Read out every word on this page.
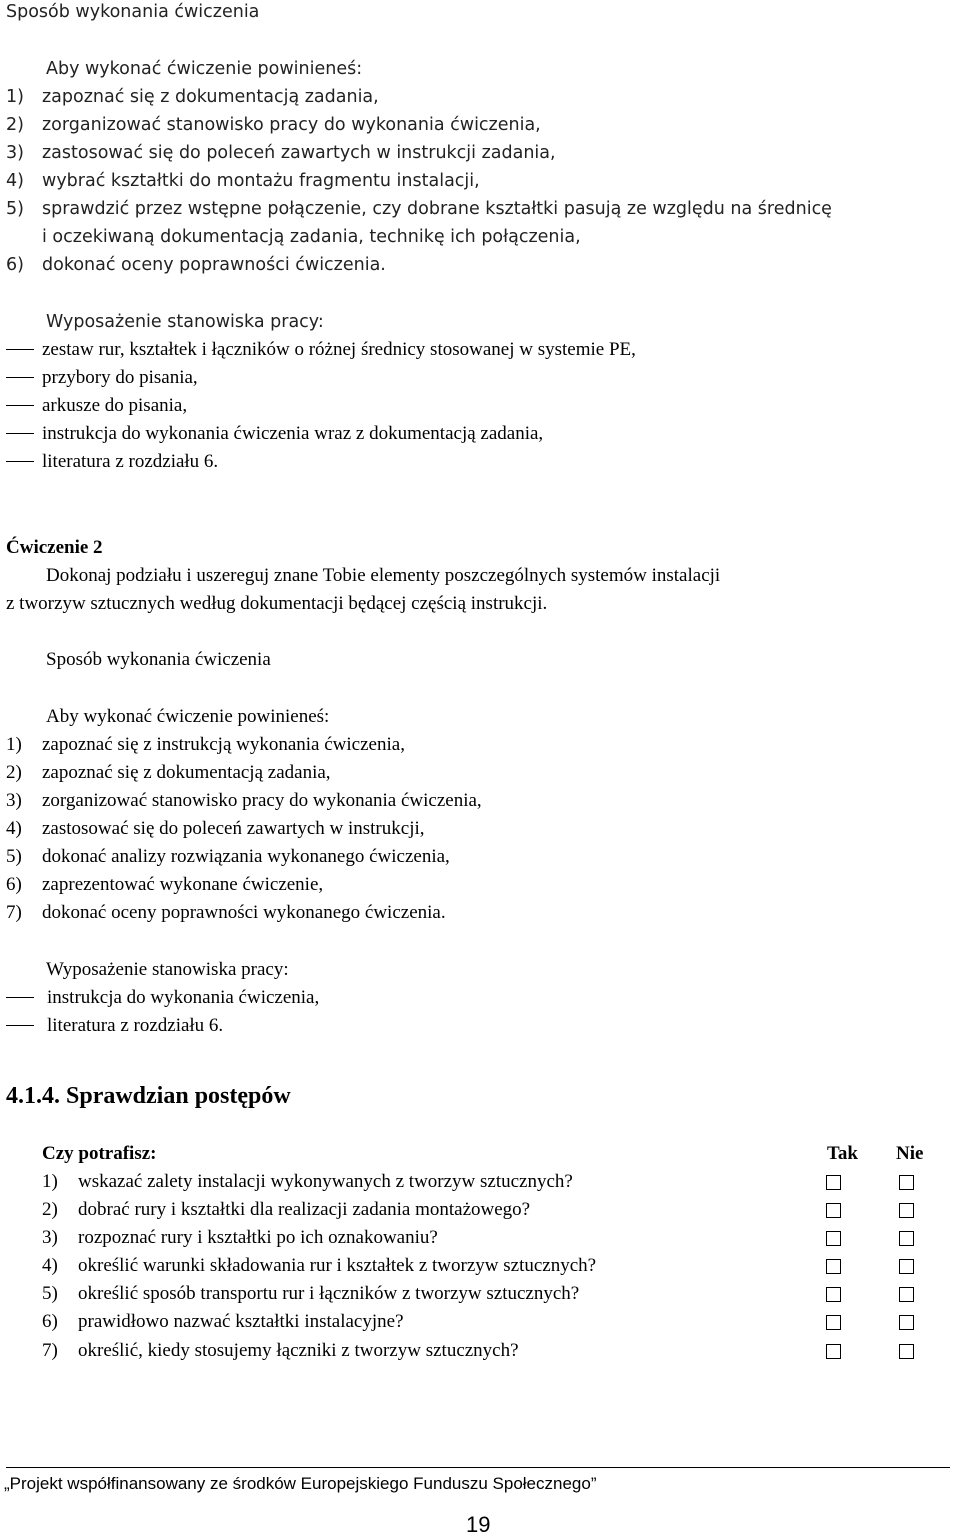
Sposób wykonania ćwiczenia
Aby wykonać ćwiczenie powinieneś:
1) zapoznać się z dokumentacją zadania,
2) zorganizować stanowisko pracy do wykonania ćwiczenia,
3) zastosować się do poleceń zawartych w instrukcji zadania,
4) wybrać kształtki do montażu fragmentu instalacji,
5) sprawdzić przez wstępne połączenie, czy dobrane kształtki pasują ze względu na średnicę
i oczekiwaną dokumentacją zadania, technikę ich połączenia,
6) dokonać oceny poprawności ćwiczenia.
Wyposażenie stanowiska pracy:
zestaw rur, kształtek i łączników o różnej średnicy stosowanej w systemie PE,
przybory do pisania,
arkusze do pisania,
instrukcja do wykonania ćwiczenia wraz z dokumentacją zadania,
literatura z rozdziału 6.
Ćwiczenie 2
Dokonaj podziału i uszereguj znane Tobie elementy poszczególnych systemów instalacji
z tworzyw sztucznych według dokumentacji będącej częścią instrukcji.
Sposób wykonania ćwiczenia
Aby wykonać ćwiczenie powinieneś:
1) zapoznać się z instrukcją wykonania ćwiczenia,
2) zapoznać się z dokumentacją zadania,
3) zorganizować stanowisko pracy do wykonania ćwiczenia,
4) zastosować się do poleceń zawartych w instrukcji,
5) dokonać analizy rozwiązania wykonanego ćwiczenia,
6) zaprezentować wykonane ćwiczenie,
7) dokonać oceny poprawności wykonanego ćwiczenia.
Wyposażenie stanowiska pracy:
instrukcja do wykonania ćwiczenia,
literatura z rozdziału 6.
4.1.4. Sprawdzian postępów
Czy potrafisz:	Tak Nie
1) wskazać zalety instalacji wykonywanych z tworzyw sztucznych?
2) dobrać rury i kształtki dla realizacji zadania montażowego?
3) rozpoznać rury i kształtki po ich oznakowaniu?
4) określić warunki składowania rur i kształtek z tworzyw sztucznych?
5) określić sposób transportu rur i łączników z tworzyw sztucznych?
6) prawidłowo nazwać kształtki instalacyjne?
7) określić, kiedy stosujemy łączniki z tworzyw sztucznych?
„Projekt współfinansowany ze środków Europejskiego Funduszu Społecznego”
19
